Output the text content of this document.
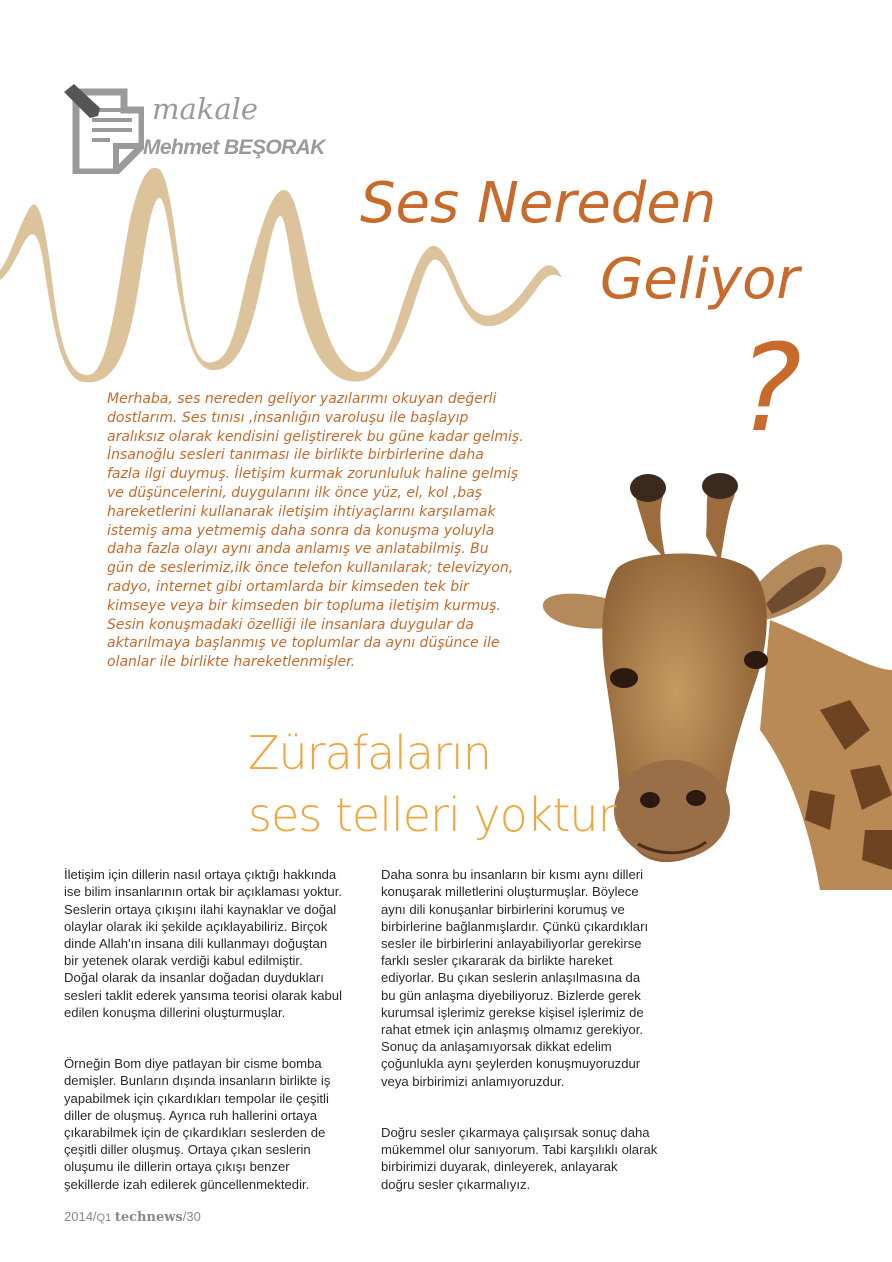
makale
Mehmet BEŞORAK
Ses Nereden
Geliyor
?
Merhaba, ses nereden geliyor yazılarımı okuyan değerli
dostlarım. Ses tınısı ,insanlığın varoluşu ile başlayıp
aralıksız olarak kendisini geliştirerek bu güne kadar gelmiş.
İnsanoğlu sesleri tanıması ile birlikte birbirlerine daha
fazla ilgi duymuş. İletişim kurmak zorunluluk haline gelmiş
ve düşüncelerini, duygularını ilk önce yüz, el, kol ,baş
hareketlerini kullanarak iletişim ihtiyaçlarını karşılamak
istemiş ama yetmemiş daha sonra da konuşma yoluyla
daha fazla olayı aynı anda anlamış ve anlatabilmiş. Bu
gün de seslerimiz,ilk önce telefon kullanılarak; televizyon,
radyo, internet gibi ortamlarda bir kimseden tek bir
kimseye veya bir kimseden bir topluma iletişim kurmuş.
Sesin konuşmadaki özelliği ile insanlara duygular da
aktarılmaya başlanmış ve toplumlar da aynı düşünce ile
olanlar ile birlikte hareketlenmişler.
Zürafaların
ses telleri yoktur.

İletişim için dillerin nasıl ortaya çıktığı hakkında
ise bilim insanlarının ortak bir açıklaması yoktur.
Seslerin ortaya çıkışını ilahi kaynaklar ve doğal
olaylar olarak iki şekilde açıklayabiliriz. Birçok
dinde Allah'ın insana dili kullanmayı doğuştan
bir yetenek olarak verdiği kabul edilmiştir.
Doğal olarak da insanlar doğadan duydukları
sesleri taklit ederek yansıma teorisi olarak kabul
edilen konuşma dillerini oluşturmuşlar.

Örneğin Bom diye patlayan bir cisme bomba
demişler. Bunların dışında insanların birlikte iş
yapabilmek için çıkardıkları tempolar ile çeşitli
diller de oluşmuş. Ayrıca ruh hallerini ortaya
çıkarabilmek için de çıkardıkları seslerden de
çeşitli diller oluşmuş. Ortaya çıkan seslerin
oluşumu ile dillerin ortaya çıkışı benzer
şekillerde izah edilerek güncellenmektedir.

Daha sonra bu insanların bir kısmı aynı dilleri
konuşarak milletlerini oluşturmuşlar. Böylece
aynı dili konuşanlar birbirlerini korumuş ve
birbirlerine bağlanmışlardır. Çünkü çıkardıkları
sesler ile birbirlerini anlayabiliyorlar gerekirse
farklı sesler çıkararak da birlikte hareket
ediyorlar. Bu çıkan seslerin anlaşılmasına da
bu gün anlaşma diyebiliyoruz. Bizlerde gerek
kurumsal işlerimiz gerekse kişisel işlerimiz de
rahat etmek için anlaşmış olmamız gerekiyor.
Sonuç da anlaşamıyorsak dikkat edelim
çoğunlukla aynı şeylerden konuşmuyoruzdur
veya birbirimizi anlamıyoruzdur.

Doğru sesler çıkarmaya çalışırsak sonuç daha
mükemmel olur sanıyorum. Tabi karşılıklı olarak
birbirimizi duyarak, dinleyerek, anlayarak
doğru sesler çıkarmalıyız.

2014/Q1 technews/30
